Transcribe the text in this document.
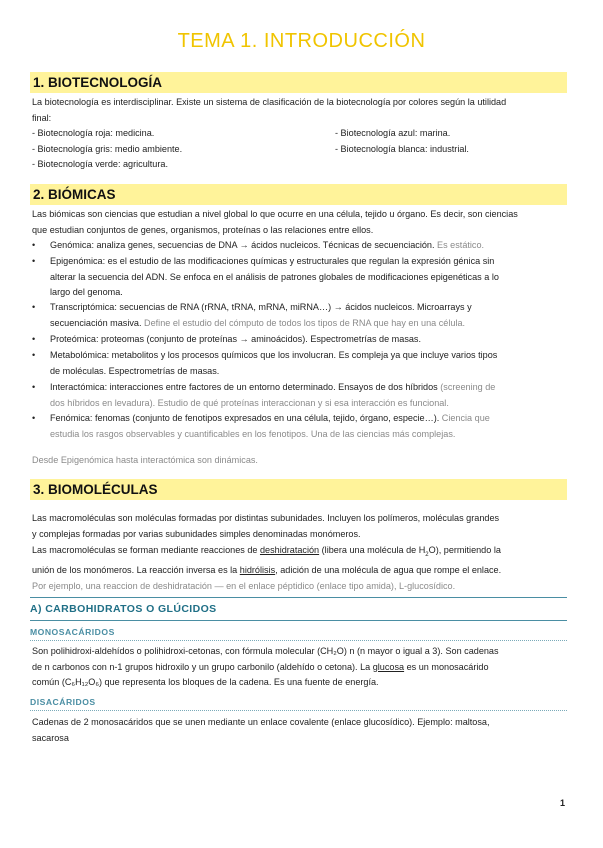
TEMA 1. INTRODUCCIÓN
1. BIOTECNOLOGÍA
La biotecnología es interdisciplinar. Existe un sistema de clasificación de la biotecnología por colores según la utilidad
final:
- Biotecnología roja: medicina.
- Biotecnología gris: medio ambiente.
- Biotecnología verde: agricultura.
- Biotecnología azul: marina.
- Biotecnología blanca: industrial.
2. BIÓMICAS
Las biómicas son ciencias que estudian a nivel global lo que ocurre en una célula, tejido u órgano. Es decir, son ciencias
que estudian conjuntos de genes, organismos, proteínas o las relaciones entre ellos.
• Genómica: analiza genes, secuencias de DNA → ácidos nucleicos. Técnicas de secuenciación. Es estático.
• Epigenómica: es el estudio de las modificaciones químicas y estructurales que regulan la expresión génica sin
alterar la secuencia del ADN. Se enfoca en el análisis de patrones globales de modificaciones epigenéticas a lo
largo del genoma.
• Transcriptómica: secuencias de RNA (rRNA, tRNA, mRNA, miRNA…) → ácidos nucleicos. Microarrays y
secuenciación masiva. Define el estudio del cómputo de todos los tipos de RNA que hay en una célula.
• Proteómica: proteomas (conjunto de proteínas → aminoácidos). Espectrometrías de masas.
• Metabolómica: metabolitos y los procesos químicos que los involucran. Es compleja ya que incluye varios tipos
de moléculas. Espectrometrías de masas.
• Interactómica: interacciones entre factores de un entorno determinado. Ensayos de dos híbridos (screening de
dos híbridos en levadura). Estudio de qué proteínas interaccionan y si esa interacción es funcional.
• Fenómica: fenomas (conjunto de fenotipos expresados en una célula, tejido, órgano, especie…). Ciencia que
estudia los rasgos observables y cuantificables en los fenotipos. Una de las ciencias más complejas.
Desde Epigenómica hasta interactómica son dinámicas.
3. BIOMOLÉCULAS
Las macromoléculas son moléculas formadas por distintas subunidades. Incluyen los polímeros, moléculas grandes
y complejas formadas por varias subunidades simples denominadas monómeros.
Las macromoléculas se forman mediante reacciones de deshidratación (libera una molécula de $H_2O$), permitiendo la
unión de los monómeros. La reacción inversa es la hidrólisis, adición de una molécula de agua que rompe el enlace.
Por ejemplo, una reaccion de deshidratación — en el enlace péptidico (enlace tipo amida), L-glucosídico.
A) CARBOHIDRATOS O GLÚCIDOS
MONOSACÁRIDOS
Son polihidroxi-aldehídos o polihidroxi-cetonas, con fórmula molecular (CH₂O) n (n mayor o igual a 3). Son cadenas
de n carbonos con n-1 grupos hidroxilo y un grupo carbonilo (aldehído o cetona). La glucosa es un monosacárido
común (C₆H₁₂O₆) que representa los bloques de la cadena. Es una fuente de energía.
DISACÁRIDOS
Cadenas de 2 monosacáridos que se unen mediante un enlace covalente (enlace glucosídico). Ejemplo: maltosa,
sacarosa
1
